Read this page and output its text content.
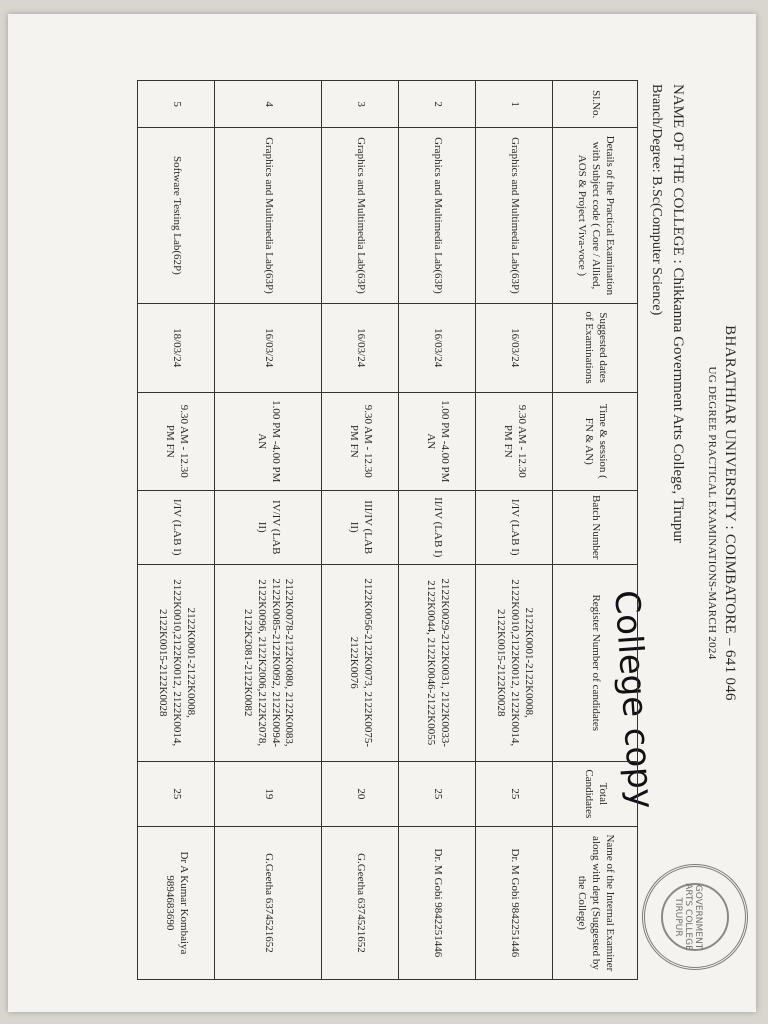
BHARATHIAR UNIVERSITY : COIMBATORE – 641 046
UG DEGREE PRACTICAL EXAMINATIONS-MARCH 2024
NAME OF THE COLLEGE : Chikkanna Government Arts College, Tirupur
Branch/Degree: B.Sc(Computer Science)
College copy
GOVERNMENT ARTS COLLEGE TIRUPUR
Sl.No.	Details of the Practical Examination with Subject code ( Core / Allied, AOS & Project Viva-voce )	Suggested dates of Examinations	Time & session ( FN & AN)	Batch Number	Register Number of candidates	Total Candidates	Name of the Internal Examiner along with dept (Suggested by the College)
1	Graphics and Multimedia Lab(63P)	16/03/24	9.30 AM - 12.30 PM FN	I/IV (LAB I)	2122K0001-2122K0008, 2122K0010,2122K0012, 2122K0014, 2122K0015-2122K0028	25	Dr. M Gobi 9842251446
2	Graphics and Multimedia Lab(63P)	16/03/24	1.00 PM -4.00 PM AN	II/IV (LAB I)	2122K0029-2122K0031, 2122K0033-2122K0044, 2122K0046-2122K0055	25	Dr. M Gobi 9842251446
3	Graphics and Multimedia Lab(63P)	16/03/24	9.30 AM - 12.30 PM FN	III/IV (LAB II)	2122K0056-2122K0073, 2122K0075-2122K0076	20	G.Geetha 6374521652
4	Graphics and Multimedia Lab(63P)	16/03/24	1.00 PM -4.00 PM AN	IV/IV (LAB II)	2122K0078-2122K0080, 2122K0083, 2122K0085-2122K0092, 2122K0094-2122K0096, 2122K2006,2122K2078, 2122K2081-2122K0082	19	G.Geetha 6374521652
5	Software Testing Lab(62P)	18/03/24	9.30 AM - 12.30 PM FN	I/IV (LAB I)	2122K0001-2122K0008, 2122K0010,2122K0012, 2122K0014, 2122K0015-2122K0028	25	Dr A Kumar Kombaiya 9894683690
